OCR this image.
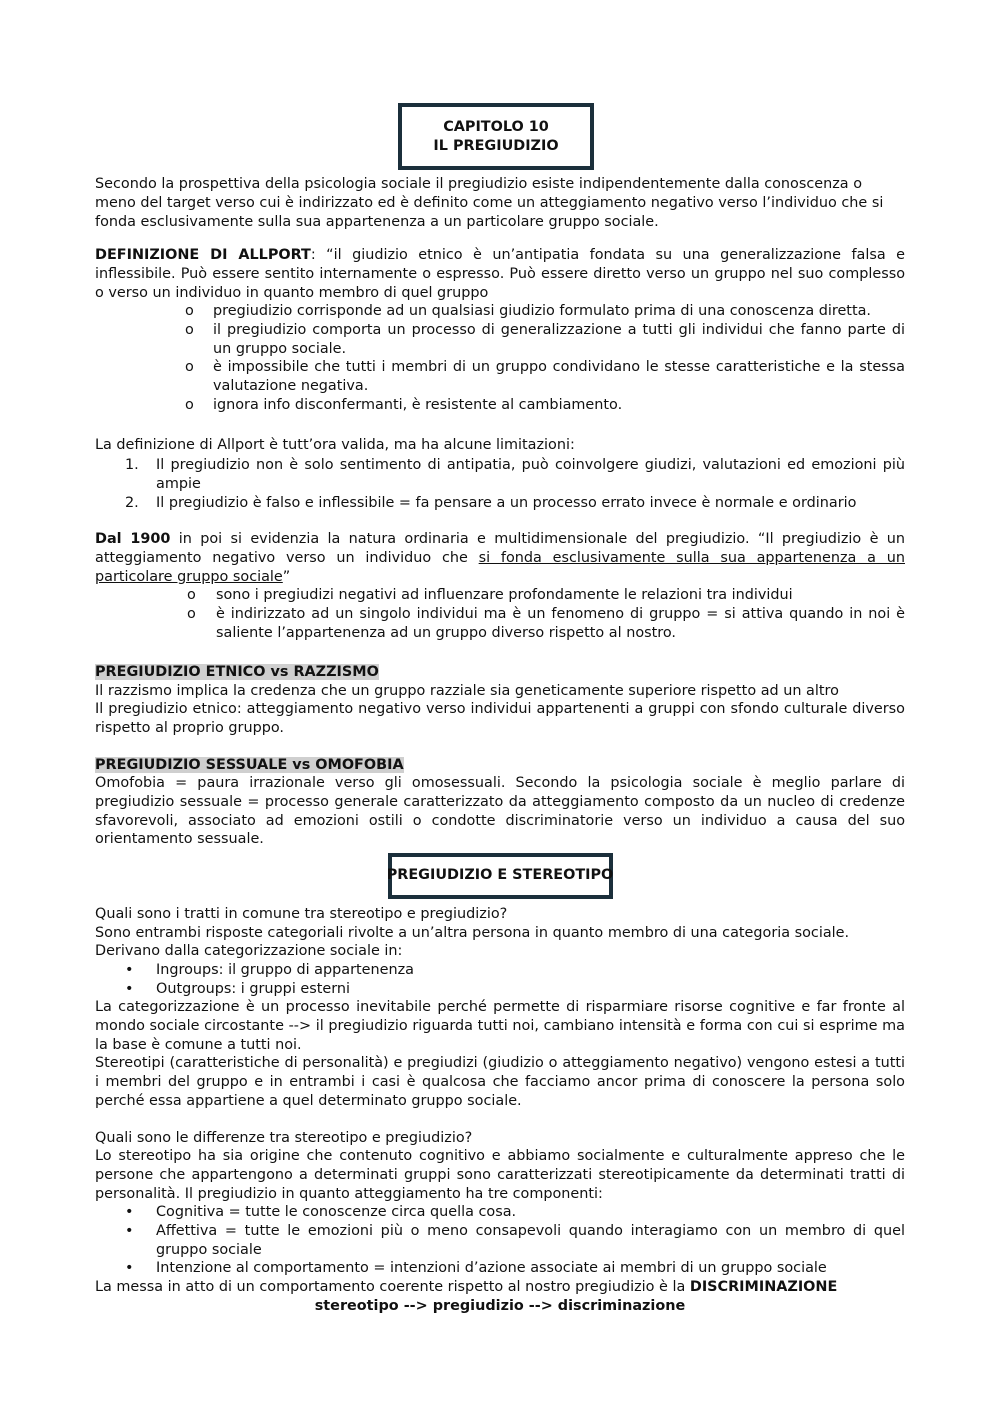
CAPITOLO 10
IL PREGIUDIZIO

Secondo la prospettiva della psicologia sociale il pregiudizio esiste indipendentemente dalla conoscenza o meno del target verso cui è indirizzato ed è definito come un atteggiamento negativo verso l’individuo che si fonda esclusivamente sulla sua appartenenza a un particolare gruppo sociale.

DEFINIZIONE DI ALLPORT: “il giudizio etnico è un’antipatia fondata su una generalizzazione falsa e inflessibile. Può essere sentito internamente o espresso. Può essere diretto verso un gruppo nel suo complesso o verso un individuo in quanto membro di quel gruppo

o pregiudizio corrisponde ad un qualsiasi giudizio formulato prima di una conoscenza diretta.
o il pregiudizio comporta un processo di generalizzazione a tutti gli individui che fanno parte di un gruppo sociale.
o è impossibile che tutti i membri di un gruppo condividano le stesse caratteristiche e la stessa valutazione negativa.
o ignora info disconfermanti, è resistente al cambiamento.

La definizione di Allport è tutt’ora valida, ma ha alcune limitazioni:

1. Il pregiudizio non è solo sentimento di antipatia, può coinvolgere giudizi, valutazioni ed emozioni più ampie
2. Il pregiudizio è falso e inflessibile = fa pensare a un processo errato invece è normale e ordinario

Dal 1900 in poi si evidenzia la natura ordinaria e multidimensionale del pregiudizio. “Il pregiudizio è un atteggiamento negativo verso un individuo che si fonda esclusivamente sulla sua appartenenza a un particolare gruppo sociale”

o sono i pregiudizi negativi ad influenzare profondamente le relazioni tra individui
o è indirizzato ad un singolo individui ma è un fenomeno di gruppo = si attiva quando in noi è saliente l’appartenenza ad un gruppo diverso rispetto al nostro.

PREGIUDIZIO ETNICO vs RAZZISMO

Il razzismo implica la credenza che un gruppo razziale sia geneticamente superiore rispetto ad un altro

Il pregiudizio etnico: atteggiamento negativo verso individui appartenenti a gruppi con sfondo culturale diverso rispetto al proprio gruppo.

PREGIUDIZIO SESSUALE vs OMOFOBIA

Omofobia = paura irrazionale verso gli omosessuali. Secondo la psicologia sociale è meglio parlare di pregiudizio sessuale = processo generale caratterizzato da atteggiamento composto da un nucleo di credenze sfavorevoli, associato ad emozioni ostili o condotte discriminatorie verso un individuo a causa del suo orientamento sessuale.

PREGIUDIZIO E STEREOTIPO

Quali sono i tratti in comune tra stereotipo e pregiudizio?

Sono entrambi risposte categoriali rivolte a un’altra persona in quanto membro di una categoria sociale.

Derivano dalla categorizzazione sociale in:

• Ingroups: il gruppo di appartenenza
• Outgroups: i gruppi esterni

La categorizzazione è un processo inevitabile perché permette di risparmiare risorse cognitive e far fronte al mondo sociale circostante --> il pregiudizio riguarda tutti noi, cambiano intensità e forma con cui si esprime ma la base è comune a tutti noi.

Stereotipi (caratteristiche di personalità) e pregiudizi (giudizio o atteggiamento negativo) vengono estesi a tutti i membri del gruppo e in entrambi i casi è qualcosa che facciamo ancor prima di conoscere la persona solo perché essa appartiene a quel determinato gruppo sociale.

Quali sono le differenze tra stereotipo e pregiudizio?

Lo stereotipo ha sia origine che contenuto cognitivo e abbiamo socialmente e culturalmente appreso che le persone che appartengono a determinati gruppi sono caratterizzati stereotipicamente da determinati tratti di personalità. Il pregiudizio in quanto atteggiamento ha tre componenti:

• Cognitiva = tutte le conoscenze circa quella cosa.
• Affettiva = tutte le emozioni più o meno consapevoli quando interagiamo con un membro di quel gruppo sociale
• Intenzione al comportamento = intenzioni d’azione associate ai membri di un gruppo sociale

La messa in atto di un comportamento coerente rispetto al nostro pregiudizio è la DISCRIMINAZIONE

stereotipo --> pregiudizio --> discriminazione
